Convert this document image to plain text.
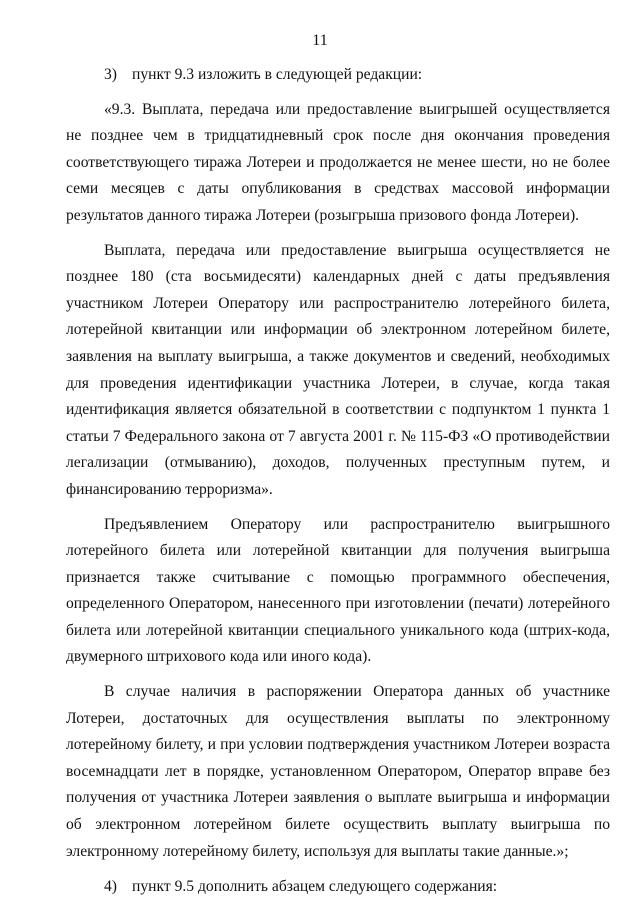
11

3) пункт 9.3 изложить в следующей редакции:

«9.3. Выплата, передача или предоставление выигрышей осуществляется не позднее чем в тридцатидневный срок после дня окончания проведения соответствующего тиража Лотереи и продолжается не менее шести, но не более семи месяцев с даты опубликования в средствах массовой информации результатов данного тиража Лотереи (розыгрыша призового фонда Лотереи).

Выплата, передача или предоставление выигрыша осуществляется не позднее 180 (ста восьмидесяти) календарных дней с даты предъявления участником Лотереи Оператору или распространителю лотерейного билета, лотерейной квитанции или информации об электронном лотерейном билете, заявления на выплату выигрыша, а также документов и сведений, необходимых для проведения идентификации участника Лотереи, в случае, когда такая идентификация является обязательной в соответствии с подпунктом 1 пункта 1 статьи 7 Федерального закона от 7 августа 2001 г. № 115-ФЗ «О противодействии легализации (отмыванию), доходов, полученных преступным путем, и финансированию терроризма».

Предъявлением Оператору или распространителю выигрышного лотерейного билета или лотерейной квитанции для получения выигрыша признается также считывание с помощью программного обеспечения, определенного Оператором, нанесенного при изготовлении (печати) лотерейного билета или лотерейной квитанции специального уникального кода (штрих-кода, двумерного штрихового кода или иного кода).

В случае наличия в распоряжении Оператора данных об участнике Лотереи, достаточных для осуществления выплаты по электронному лотерейному билету, и при условии подтверждения участником Лотереи возраста восемнадцати лет в порядке, установленном Оператором, Оператор вправе без получения от участника Лотереи заявления о выплате выигрыша и информации об электронном лотерейном билете осуществить выплату выигрыша по электронному лотерейному билету, используя для выплаты такие данные.»;

4) пункт 9.5 дополнить абзацем следующего содержания:
